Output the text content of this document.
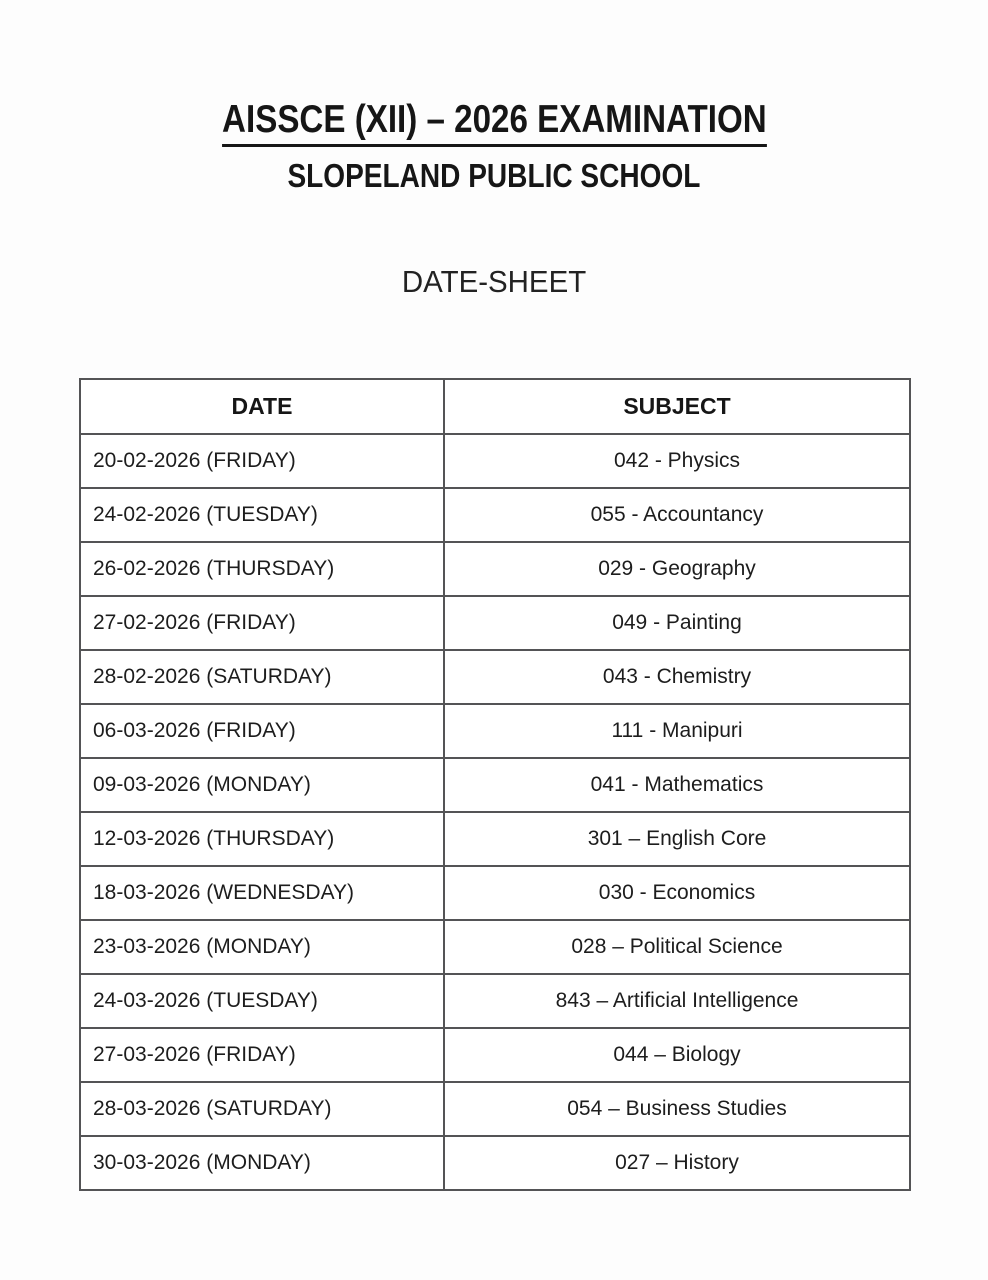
AISSCE (XII) – 2026 EXAMINATION
SLOPELAND PUBLIC SCHOOL
DATE-SHEET
DATE	SUBJECT
20-02-2026 (FRIDAY)	042 - Physics
24-02-2026 (TUESDAY)	055 - Accountancy
26-02-2026 (THURSDAY)	029 - Geography
27-02-2026 (FRIDAY)	049 - Painting
28-02-2026 (SATURDAY)	043 - Chemistry
06-03-2026 (FRIDAY)	111 - Manipuri
09-03-2026 (MONDAY)	041 - Mathematics
12-03-2026 (THURSDAY)	301 – English Core
18-03-2026 (WEDNESDAY)	030 - Economics
23-03-2026 (MONDAY)	028 – Political Science
24-03-2026 (TUESDAY)	843 – Artificial Intelligence
27-03-2026 (FRIDAY)	044 – Biology
28-03-2026 (SATURDAY)	054 – Business Studies
30-03-2026 (MONDAY)	027 – History
